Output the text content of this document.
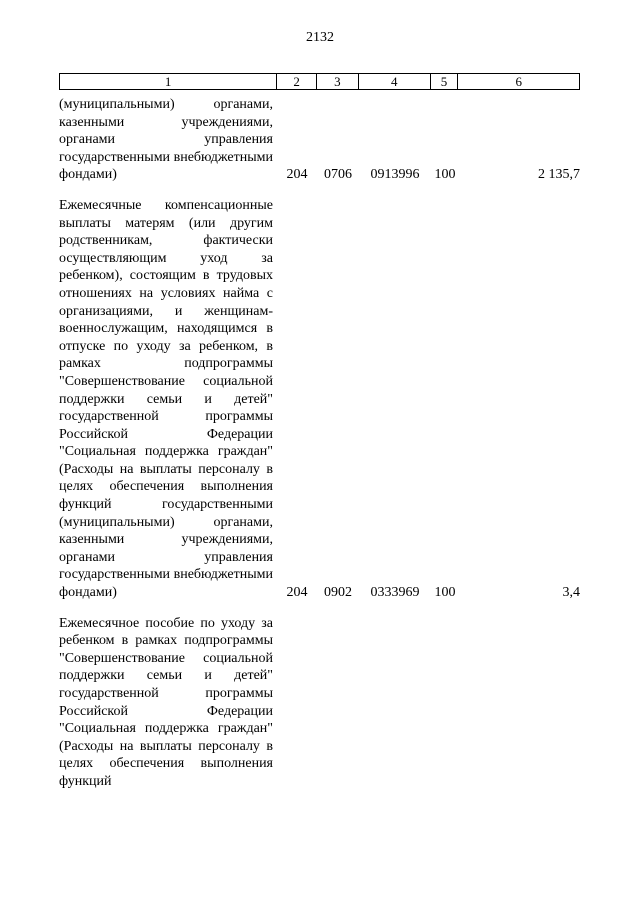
2132
1	2	3	4	5	6
(муниципальными) органами, казенными учреждениями, органами управления государственными внебюджетными фондами)	204	0706	0913996	100	2 135,7
Ежемесячные компенсационные выплаты матерям (или другим родственникам, фактически осуществляющим уход за ребенком), состоящим в трудовых отношениях на условиях найма с организациями, и женщинам-военнослужащим, находящимся в отпуске по уходу за ребенком, в рамках подпрограммы "Совершенствование социальной поддержки семьи и детей" государственной программы Российской Федерации "Социальная поддержка граждан" (Расходы на выплаты персоналу в целях обеспечения выполнения функций государственными (муниципальными) органами, казенными учреждениями, органами управления государственными внебюджетными фондами)	204	0902	0333969	100	3,4
Ежемесячное пособие по уходу за ребенком в рамках подпрограммы "Совершенствование социальной поддержки семьи и детей" государственной программы Российской Федерации "Социальная поддержка граждан" (Расходы на выплаты персоналу в целях обеспечения выполнения функций
